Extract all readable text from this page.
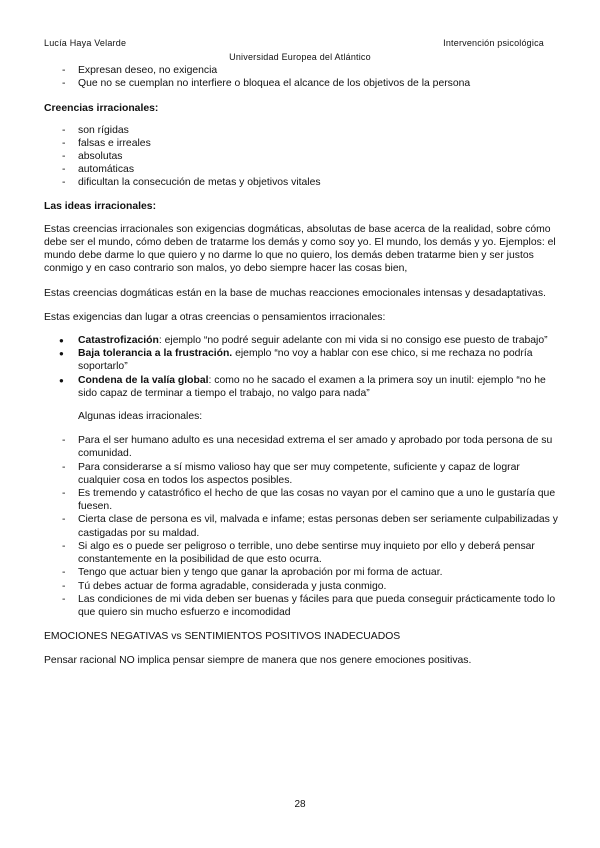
Lucía Haya Velarde	Intervención psicológica
Universidad Europea del Atlántico
- Expresan deseo, no exigencia
- Que no se cuemplan no interfiere o bloquea el alcance de los objetivos de la persona

Creencias irracionales:

- son rígidas
- falsas e irreales
- absolutas
- automáticas
- dificultan la consecución de metas y objetivos vitales

Las ideas irracionales:

Estas creencias irracionales son exigencias dogmáticas, absolutas de base acerca de la realidad, sobre cómo debe ser el mundo, cómo deben de tratarme los demás y como soy yo. El mundo, los demás y yo. Ejemplos: el mundo debe darme lo que quiero y no darme lo que no quiero, los demás deben tratarme bien y ser justos conmigo y en caso contrario son malos, yo debo siempre hacer las cosas bien,

Estas creencias dogmáticas están en la base de muchas reacciones emocionales intensas y desadaptativas.

Estas exigencias dan lugar a otras creencias o pensamientos irracionales:

● Catastrofización: ejemplo “no podré seguir adelante con mi vida si no consigo ese puesto de trabajo”
● Baja tolerancia a la frustración. ejemplo “no voy a hablar con ese chico, si me rechaza no podría soportarlo”
● Condena de la valía global: como no he sacado el examen a la primera soy un inutil: ejemplo “no he sido capaz de terminar a tiempo el trabajo, no valgo para nada”

Algunas ideas irracionales:

- Para el ser humano adulto es una necesidad extrema el ser amado y aprobado por toda persona de su comunidad.
- Para considerarse a sí mismo valioso hay que ser muy competente, suficiente y capaz de lograr cualquier cosa en todos los aspectos posibles.
- Es tremendo y catastrófico el hecho de que las cosas no vayan por el camino que a uno le gustaría que fuesen.
- Cierta clase de persona es vil, malvada e infame; estas personas deben ser seriamente culpabilizadas y castigadas por su maldad.
- Si algo es o puede ser peligroso o terrible, uno debe sentirse muy inquieto por ello y deberá pensar constantemente en la posibilidad de que esto ocurra.
- Tengo que actuar bien y tengo que ganar la aprobación por mi forma de actuar.
- Tú debes actuar de forma agradable, considerada y justa conmigo.
- Las condiciones de mi vida deben ser buenas y fáciles para que pueda conseguir prácticamente todo lo que quiero sin mucho esfuerzo e incomodidad

EMOCIONES NEGATIVAS vs SENTIMIENTOS POSITIVOS INADECUADOS

Pensar racional NO implica pensar siempre de manera que nos genere emociones positivas.

28
